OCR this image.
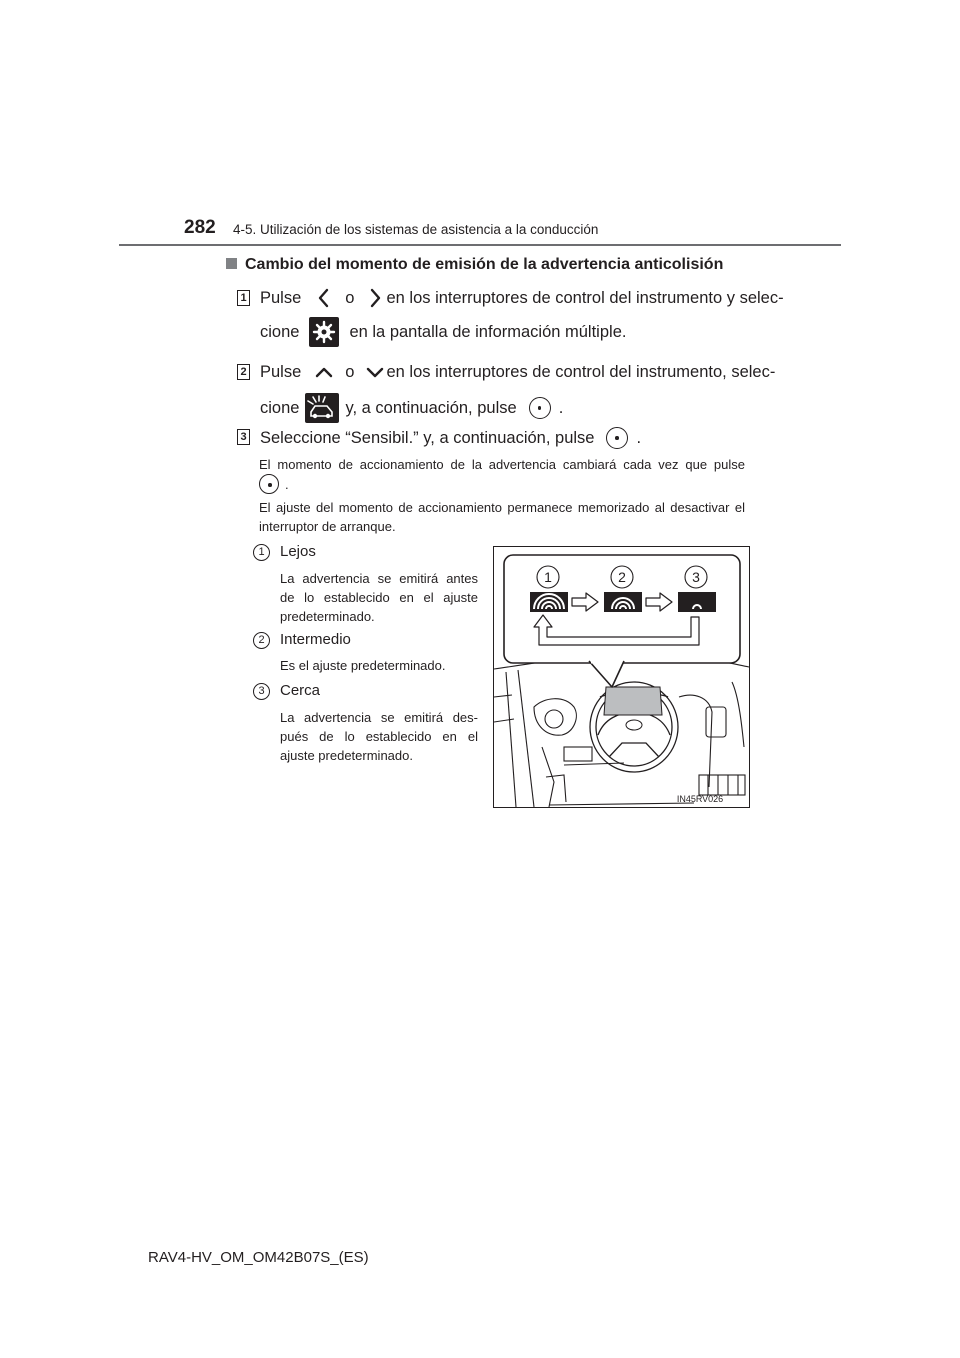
282 4-5. Utilización de los sistemas de asistencia a la conducción
Cambio del momento de emisión de la advertencia anticolisión
1 Pulse	o en los interruptores de control del instrumento y selec-
cione	en la pantalla de información múltiple.
2 Pulse	o en los interruptores de control del instrumento, selec-
cione	y, a continuación, pulse	.
3 Seleccione “Sensibil.” y, a continuación, pulse	.
El momento de accionamiento de la advertencia cambiará cada vez que pulse
.
El ajuste del momento de accionamiento permanece memorizado al desactivar el interruptor de arranque.
1	Lejos
La advertencia se emitirá antes de lo establecido en el ajuste predeterminado.
2	Intermedio
Es el ajuste predeterminado.
3	Cerca
La advertencia se emitirá des- pués de lo establecido en el ajuste predeterminado.
1	2	3
IN45RV026
RAV4-HV_OM_OM42B07S_(ES)
